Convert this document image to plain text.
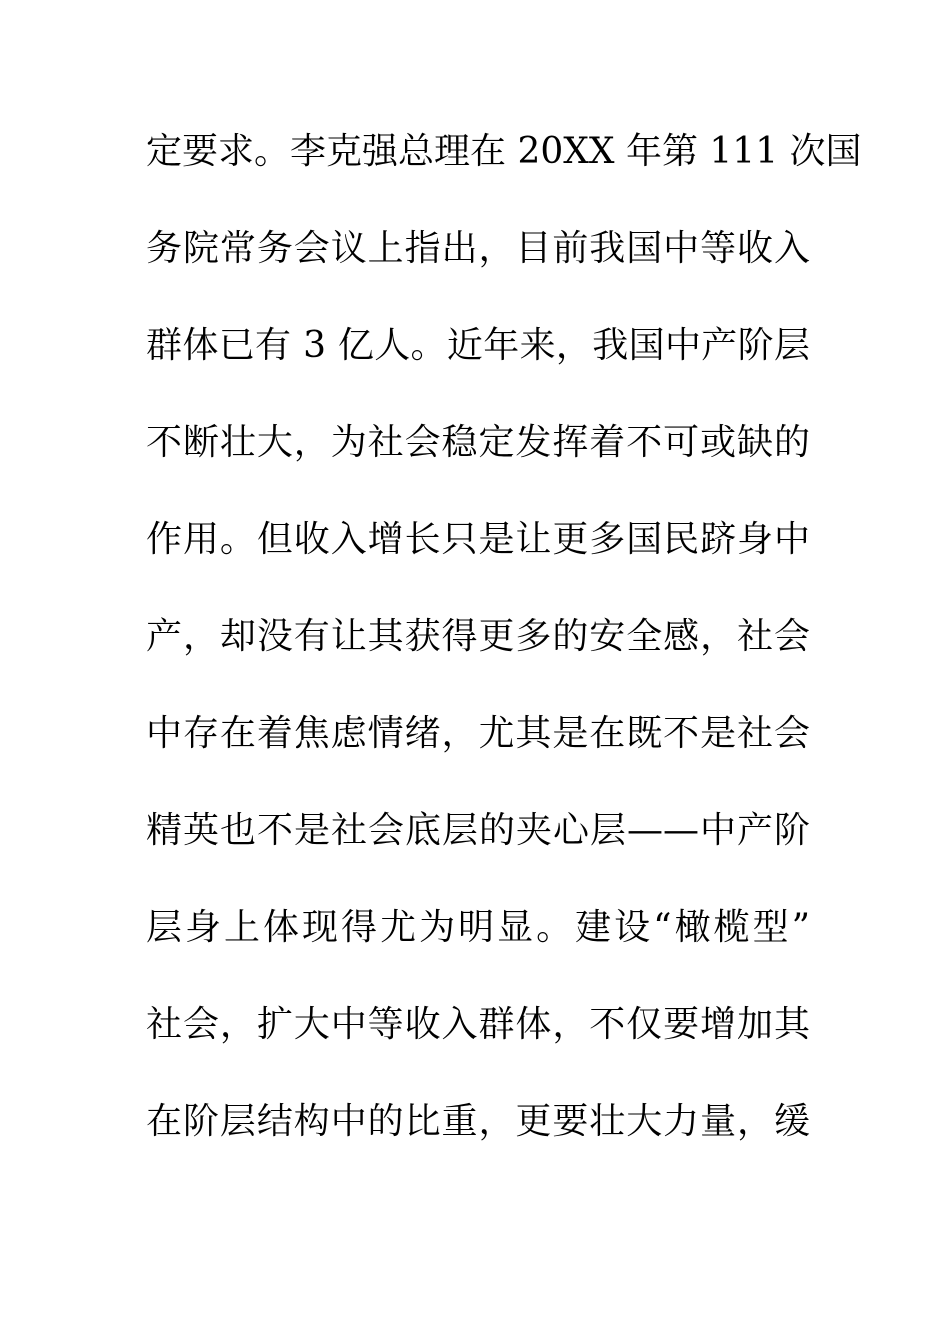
定要求。李克强总理在 20XX 年第 111 次国
务院常务会议上指出，目前我国中等收入
群体已有 3 亿人。近年来，我国中产阶层
不断壮大，为社会稳定发挥着不可或缺的
作用。但收入增长只是让更多国民跻身中
产，却没有让其获得更多的安全感，社会
中存在着焦虑情绪，尤其是在既不是社会
精英也不是社会底层的夹心层——中产阶
层身上体现得尤为明显。建设“橄榄型”
社会，扩大中等收入群体，不仅要增加其
在阶层结构中的比重，更要壮大力量，缓
